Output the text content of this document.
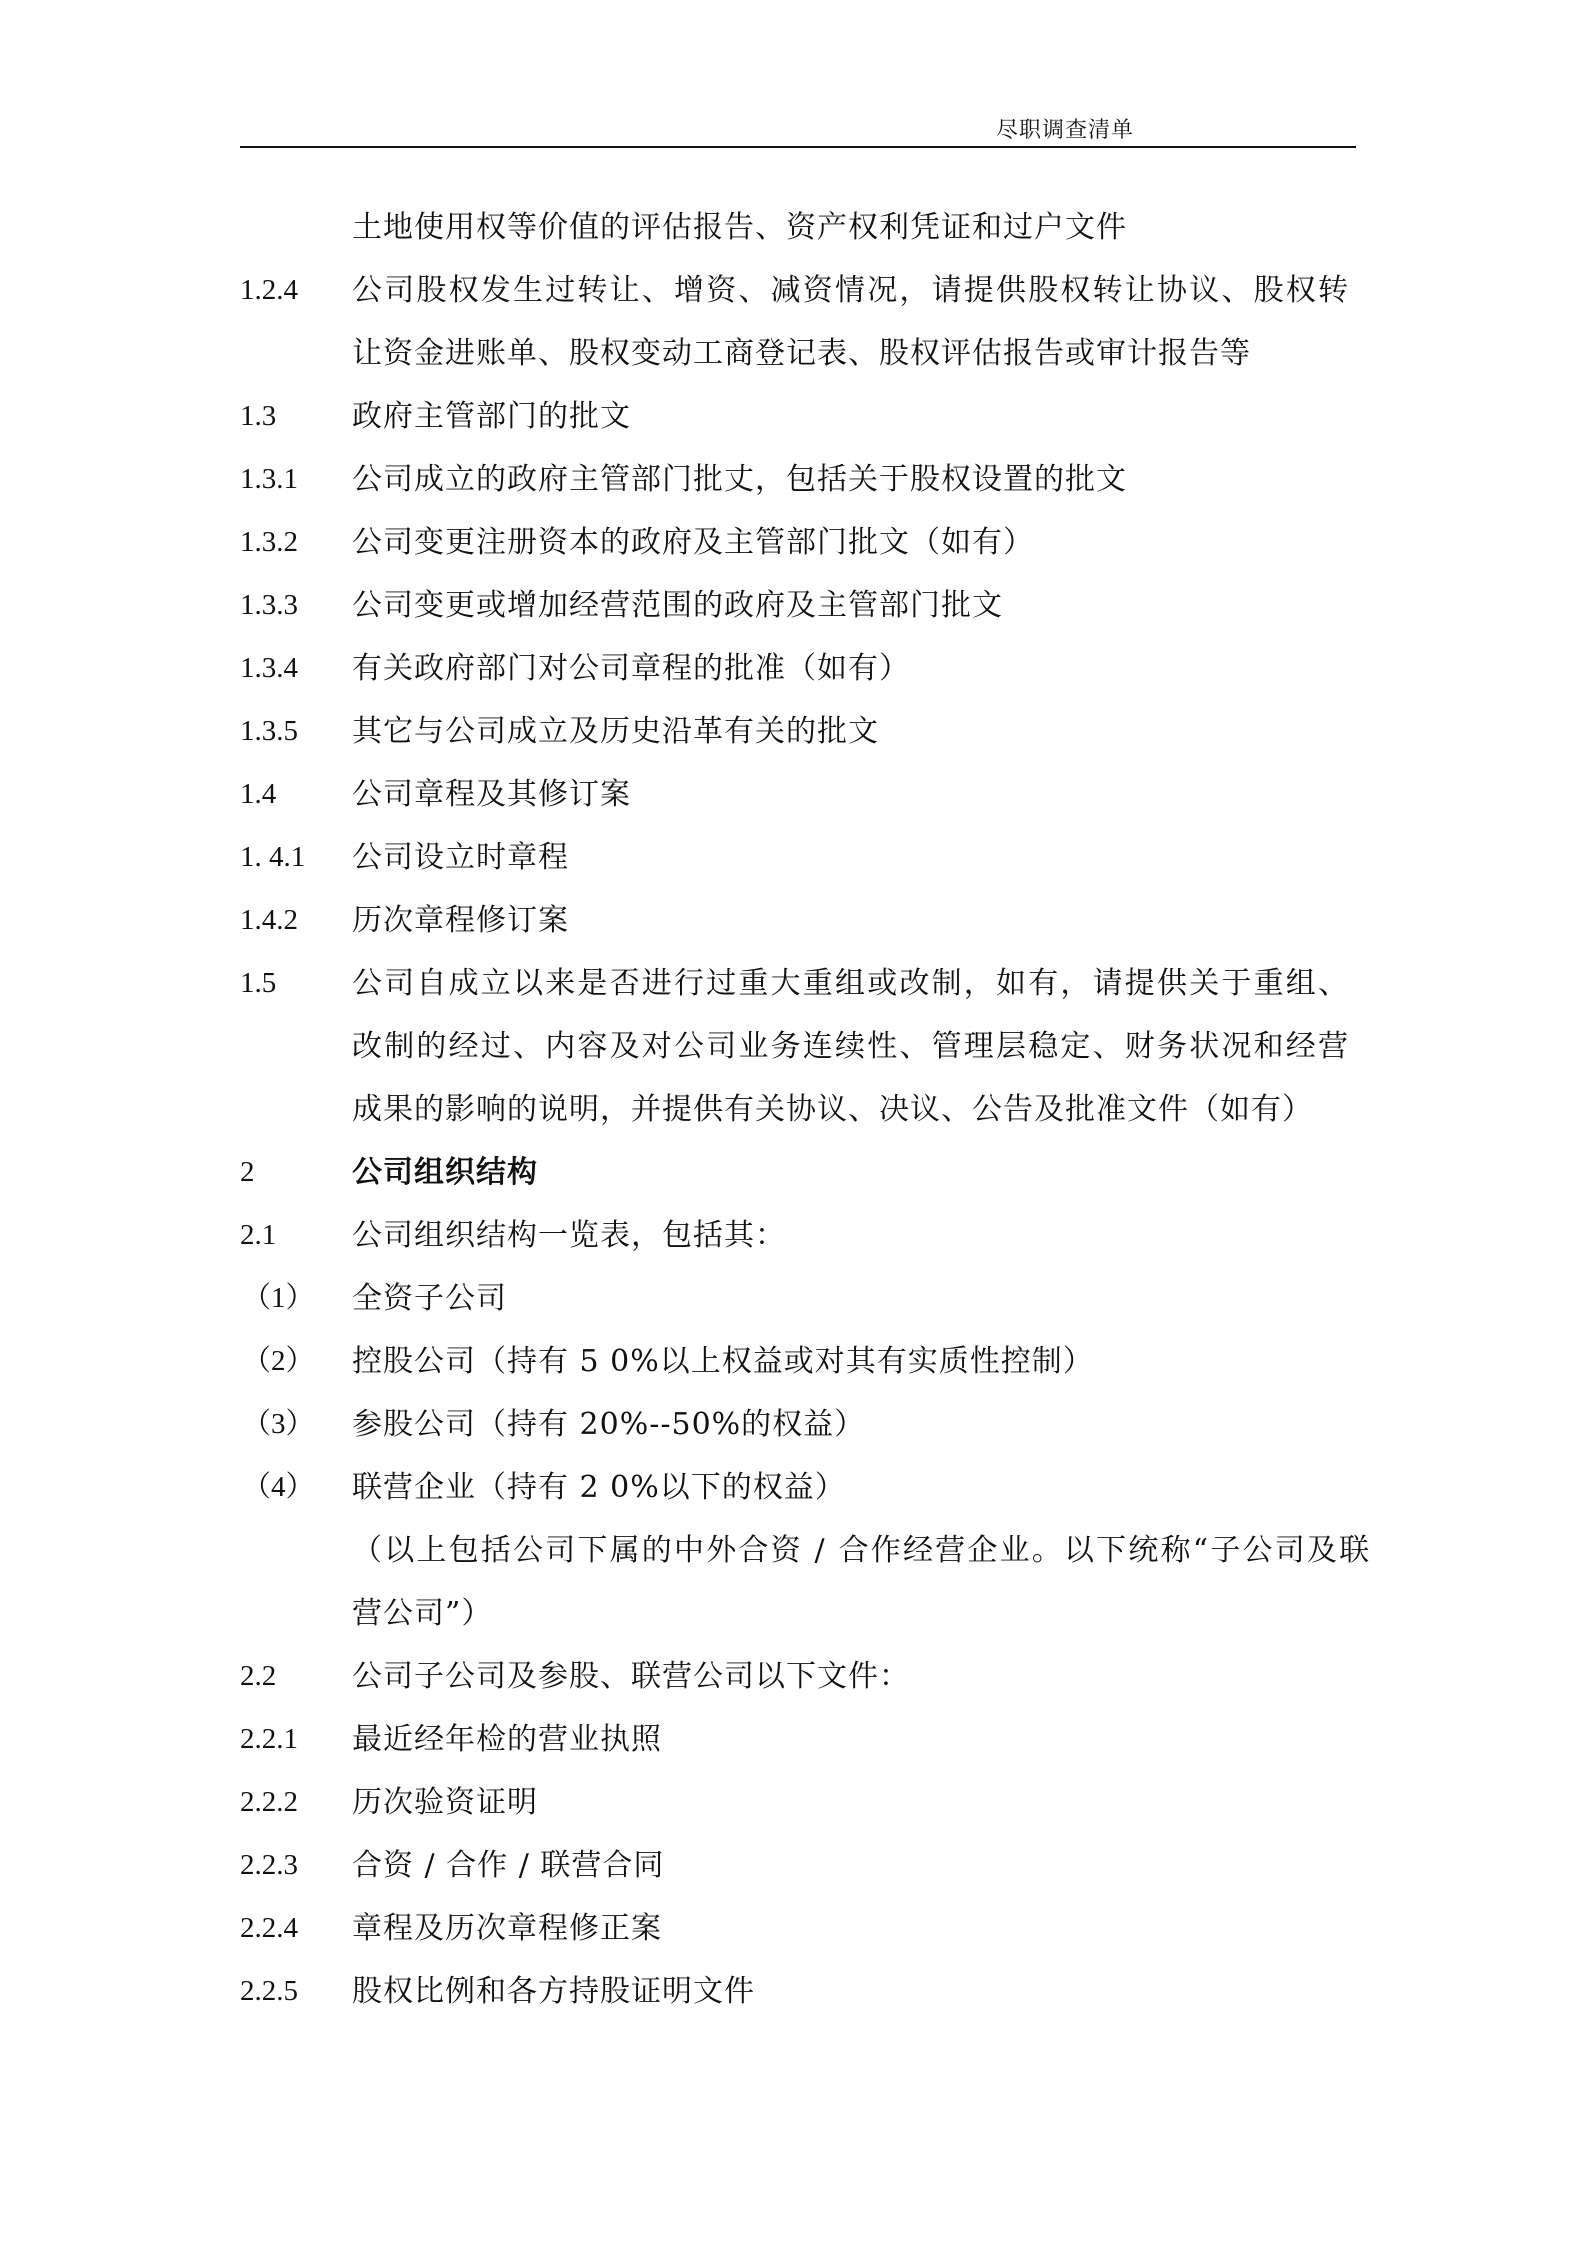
尽职调查清单
土地使用权等价值的评估报告、资产权利凭证和过户文件
1.2.4 公司股权发生过转让、增资、减资情况，请提供股权转让协议、股权转
让资金进账单、股权变动工商登记表、股权评估报告或审计报告等
1.3	政府主管部门的批文
1.3.1 公司成立的政府主管部门批丈，包括关于股权设置的批文
1.3.2 公司变更注册资本的政府及主管部门批文（如有）
1.3.3 公司变更或增加经营范围的政府及主管部门批文
1.3.4 有关政府部门对公司章程的批准（如有）
1.3.5 其它与公司成立及历史沿革有关的批文
1.4	公司章程及其修订案
1. 4.1 公司设立时章程
1.4.2 历次章程修订案
1.5	公司自成立以来是否进行过重大重组或改制，如有，请提供关于重组、
改制的经过、内容及对公司业务连续性、管理层稳定、财务状况和经营
成果的影响的说明，并提供有关协议、决议、公告及批准文件（如有）
2	公司组织结构
2.1	公司组织结构一览表，包括其：
（1） 全资子公司
（2） 控股公司（持有 5 0%以上权益或对其有实质性控制）
（3） 参股公司（持有 20%--50%的权益）
（4） 联营企业（持有 2 0%以下的权益）
（以上包括公司下属的中外合资 / 合作经营企业。以下统称“子公司及联
营公司”）
2.2	公司子公司及参股、联营公司以下文件：
2.2.1 最近经年检的营业执照
2.2.2 历次验资证明
2.2.3 合资 / 合作 / 联营合同
2.2.4 章程及历次章程修正案
2.2.5 股权比例和各方持股证明文件
